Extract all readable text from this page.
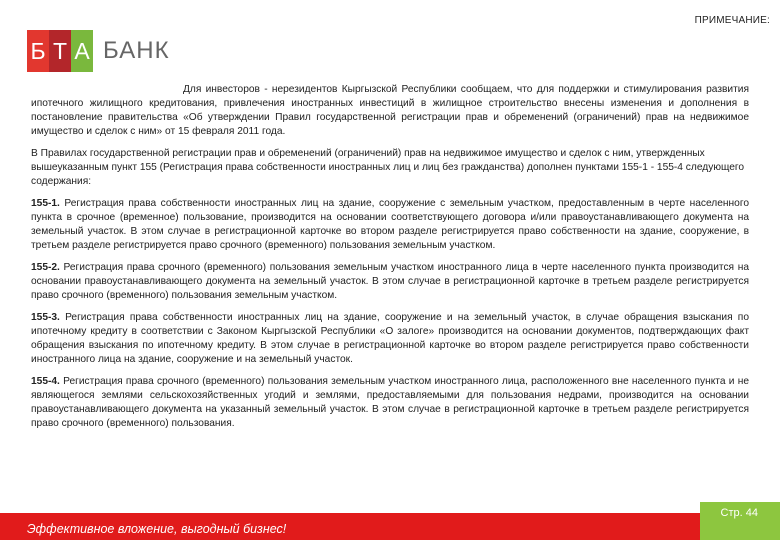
ПРИМЕЧАНИЕ:
Б Т А БАНК

Для инвесторов - нерезидентов Кыргызской Республики сообщаем, что для поддержки и стимулирования развития ипотечного жилищного кредитования, привлечения иностранных инвестиций в жилищное строительство внесены изменения и дополнения в постановление правительства «Об утверждении Правил государственной регистрации прав и обременений (ограничений) прав на недвижимое имущество и сделок с ним» от 15 февраля 2011 года.

В Правилах государственной регистрации прав и обременений (ограничений) прав на недвижимое имущество и сделок с ним, утвержденных вышеуказанным пункт 155 (Регистрация права собственности иностранных лиц и лиц без гражданства) дополнен пунктами 155-1 - 155-4 следующего содержания:

155-1. Регистрация права собственности иностранных лиц на здание, сооружение с земельным участком, предоставленным в черте населенного пункта в срочное (временное) пользование, производится на основании соответствующего договора и/или правоустанавливающего документа на земельный участок. В этом случае в регистрационной карточке во втором разделе регистрируется право собственности на здание, сооружение, в третьем разделе регистрируется право срочного (временного) пользования земельным участком.

155-2. Регистрация права срочного (временного) пользования земельным участком иностранного лица в черте населенного пункта производится на основании правоустанавливающего документа на земельный участок. В этом случае в регистрационной карточке в третьем разделе регистрируется право срочного (временного) пользования земельным участком.

155-3. Регистрация права собственности иностранных лиц на здание, сооружение и на земельный участок, в случае обращения взыскания по ипотечному кредиту в соответствии с Законом Кыргызской Республики «О залоге» производится на основании документов, подтверждающих факт обращения взыскания по ипотечному кредиту. В этом случае в регистрационной карточке во втором разделе регистрируется право собственности иностранного лица на здание, сооружение и на земельный участок.

155-4. Регистрация права срочного (временного) пользования земельным участком иностранного лица, расположенного вне населенного пункта и не являющегося землями сельскохозяйственных угодий и землями, предоставляемыми для пользования недрами, производится на основании правоустанавливающего документа на указанный земельный участок. В этом случае в регистрационной карточке в третьем разделе регистрируется право срочного (временного) пользования.

Эффективное вложение, выгодный бизнес!
Стр. 44
